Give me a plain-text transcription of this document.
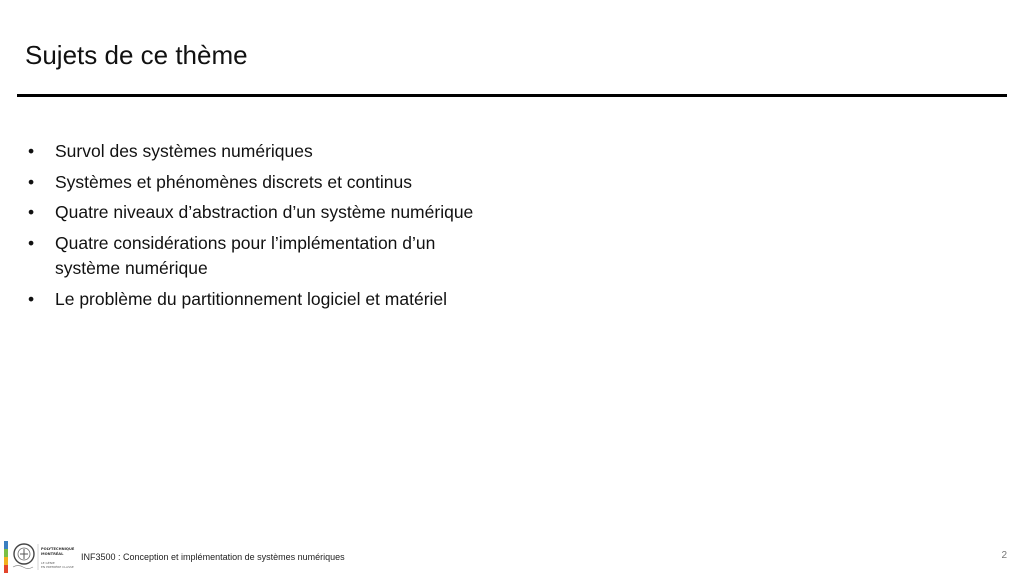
Sujets de ce thème
•	Survol des systèmes numériques
•	Systèmes et phénomènes discrets et continus
•	Quatre niveaux d’abstraction d’un système numérique
•	Quatre considérations pour l’implémentation d’un système numérique
•	Le problème du partitionnement logiciel et matériel
POLYTECHNIQUE
MONTRÉAL
LE GÉNIE
EN PREMIÈRE CLASSE
INF3500 : Conception et implémentation de systèmes numériques	2
